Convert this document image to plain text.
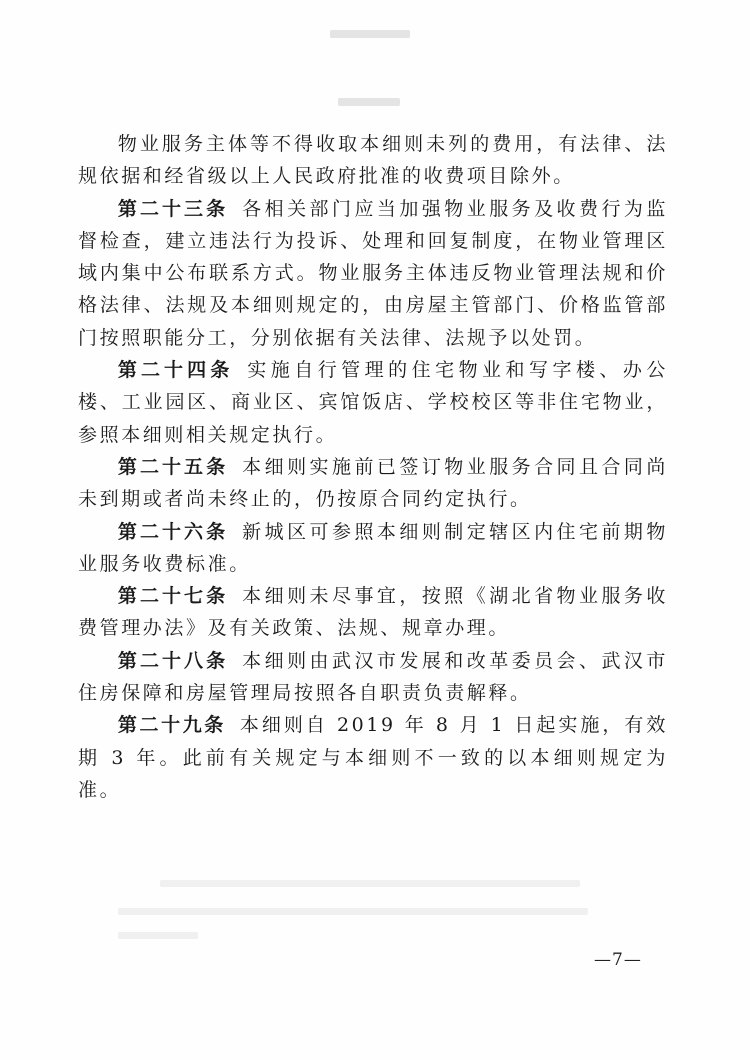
物业服务主体等不得收取本细则未列的费用，有法律、法规依据和经省级以上人民政府批准的收费项目除外。

第二十三条 各相关部门应当加强物业服务及收费行为监督检查，建立违法行为投诉、处理和回复制度，在物业管理区域内集中公布联系方式。物业服务主体违反物业管理法规和价格法律、法规及本细则规定的，由房屋主管部门、价格监管部门按照职能分工，分别依据有关法律、法规予以处罚。

第二十四条 实施自行管理的住宅物业和写字楼、办公楼、工业园区、商业区、宾馆饭店、学校校区等非住宅物业，参照本细则相关规定执行。

第二十五条 本细则实施前已签订物业服务合同且合同尚未到期或者尚未终止的，仍按原合同约定执行。

第二十六条 新城区可参照本细则制定辖区内住宅前期物业服务收费标准。

第二十七条 本细则未尽事宜，按照《湖北省物业服务收费管理办法》及有关政策、法规、规章办理。

第二十八条 本细则由武汉市发展和改革委员会、武汉市住房保障和房屋管理局按照各自职责负责解释。

第二十九条 本细则自 2019 年 8 月 1 日起实施，有效期 3 年。此前有关规定与本细则不一致的以本细则规定为准。

—7—
